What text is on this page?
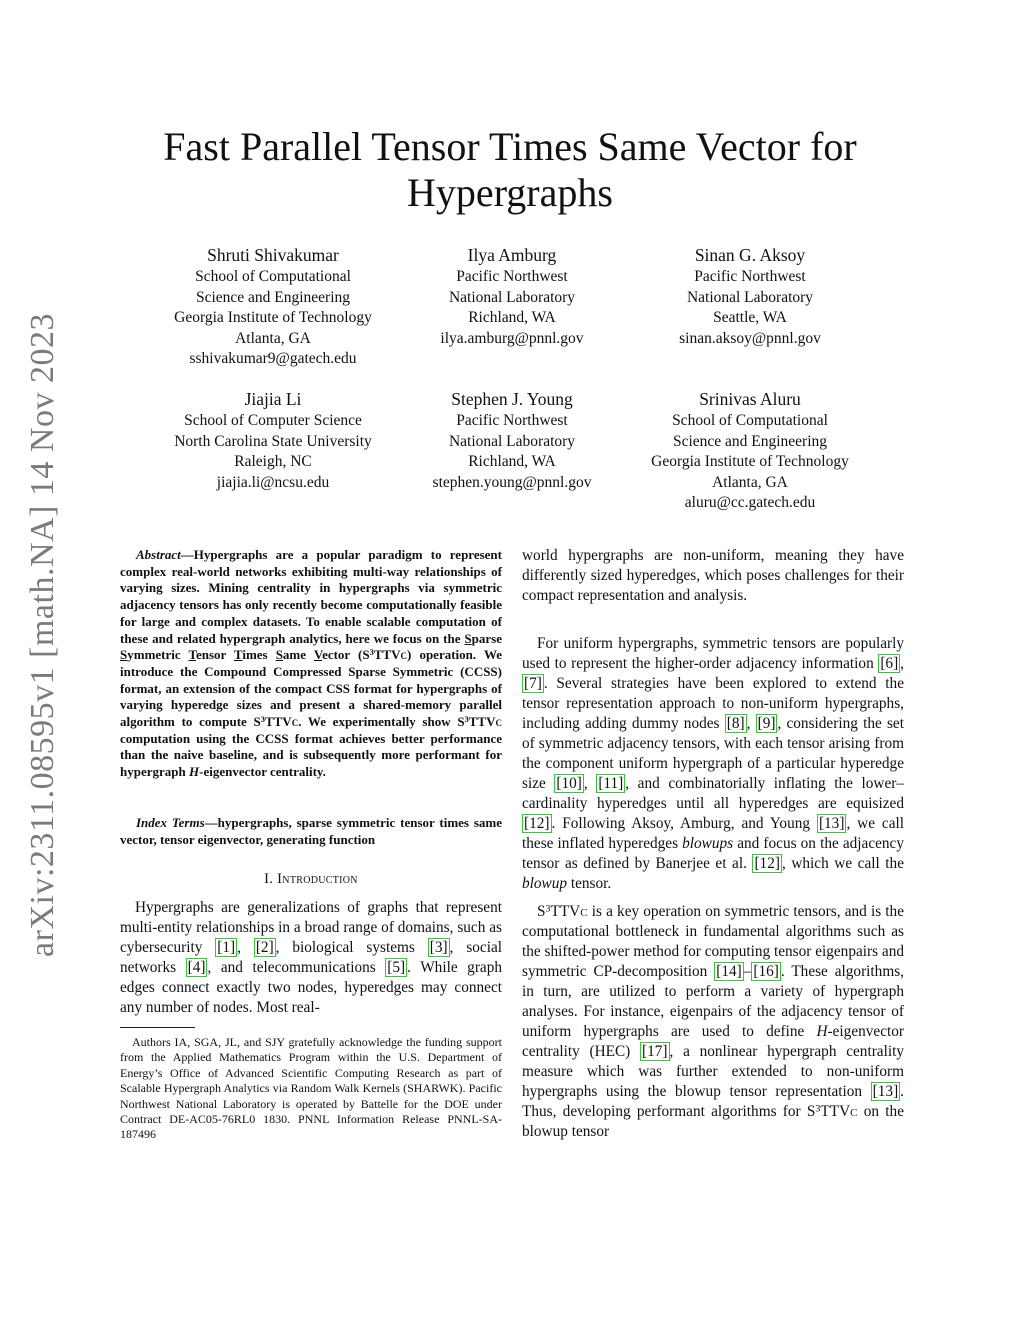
arXiv:2311.08595v1 [math.NA] 14 Nov 2023
Fast Parallel Tensor Times Same Vector for
Hypergraphs
Shruti Shivakumar
School of Computational
Science and Engineering
Georgia Institute of Technology
Atlanta, GA
sshivakumar9@gatech.edu
Ilya Amburg
Pacific Northwest
National Laboratory
Richland, WA
ilya.amburg@pnnl.gov
Sinan G. Aksoy
Pacific Northwest
National Laboratory
Seattle, WA
sinan.aksoy@pnnl.gov
Jiajia Li
School of Computer Science
North Carolina State University
Raleigh, NC
jiajia.li@ncsu.edu
Stephen J. Young
Pacific Northwest
National Laboratory
Richland, WA
stephen.young@pnnl.gov
Srinivas Aluru
School of Computational
Science and Engineering
Georgia Institute of Technology
Atlanta, GA
aluru@cc.gatech.edu
Abstract—Hypergraphs are a popular paradigm to represent complex real-world networks exhibiting multi-way relationships of varying sizes. Mining centrality in hypergraphs via symmetric adjacency tensors has only recently become computationally feasible for large and complex datasets. To enable scalable computation of these and related hypergraph analytics, here we focus on the Sparse Symmetric Tensor Times Same Vector $(S^3TTVc)$ operation. We introduce the Compound Compressed Sparse Symmetric (CCSS) format, an extension of the compact CSS format for hypergraphs of varying hyperedge sizes and present a shared-memory parallel algorithm to compute $S^3TTVc$. We experimentally show $S^3TTVc$ computation using the CCSS format achieves better performance than the naive baseline, and is subsequently more performant for hypergraph H-eigenvector centrality.
Index Terms—hypergraphs, sparse symmetric tensor times same vector, tensor eigenvector, generating function
I. Introduction
Hypergraphs are generalizations of graphs that represent multi-entity relationships in a broad range of domains, such as cybersecurity [1] , [2] , biological systems [3] , social networks [4] , and telecommunications [5] . While graph edges connect exactly two nodes, hyperedges may connect any number of nodes. Most real-
Authors IA, SGA, JL, and SJY gratefully acknowledge the funding support from the Applied Mathematics Program within the U.S. Department of Energy’s Office of Advanced Scientific Computing Research as part of Scalable Hypergraph Analytics via Random Walk Kernels (SHARWK). Pacific Northwest National Laboratory is operated by Battelle for the DOE under Contract DE-AC05-76RL0 1830. PNNL Information Release PNNL-SA-187496
world hypergraphs are non-uniform, meaning they have differently sized hyperedges, which poses challenges for their compact representation and analysis.
For uniform hypergraphs, symmetric tensors are popularly used to represent the higher-order adjacency information [6] , [7] . Several strategies have been explored to extend the tensor representation approach to non-uniform hypergraphs, including adding dummy nodes [8] , [9] , considering the set of symmetric adjacency tensors, with each tensor arising from the component uniform hypergraph of a particular hyperedge size [10] , [11] , and combinatorially inflating the lower–cardinality hyperedges until all hyperedges are equisized [12] . Following Aksoy, Amburg, and Young [13] , we call these inflated hyperedges blowups and focus on the adjacency tensor as defined by Banerjee et al. [12] , which we call the blowup tensor.
$S^3TTVc$ is a key operation on symmetric tensors, and is the computational bottleneck in fundamental algorithms such as the shifted-power method for computing tensor eigenpairs and symmetric CP-decomposition [14] – [16] . These algorithms, in turn, are utilized to perform a variety of hypergraph analyses. For instance, eigenpairs of the adjacency tensor of uniform hypergraphs are used to define H-eigenvector centrality (HEC) [17] , a nonlinear hypergraph centrality measure which was further extended to non-uniform hypergraphs using the blowup tensor representation [13] . Thus, developing performant algorithms for $S^3TTVc$ on the blowup tensor
